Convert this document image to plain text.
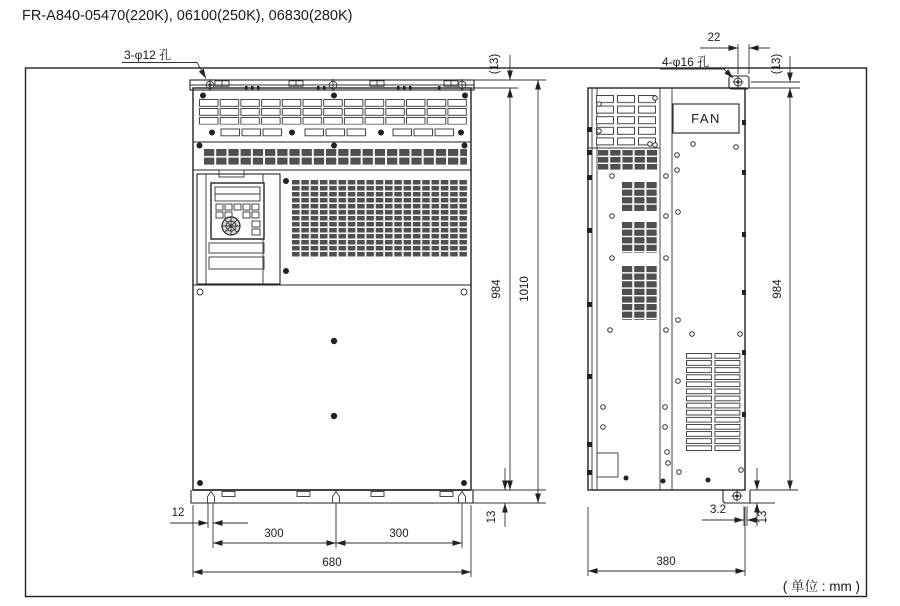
FR-A840-05470(220K), 06100(250K), 06830(280K)
3-φ12 孔	(13)
984 1010
13
12
300	300
680
4-φ16 孔
FAN
22
(13)
984
13
3.2
380
( 单位 : mm )
